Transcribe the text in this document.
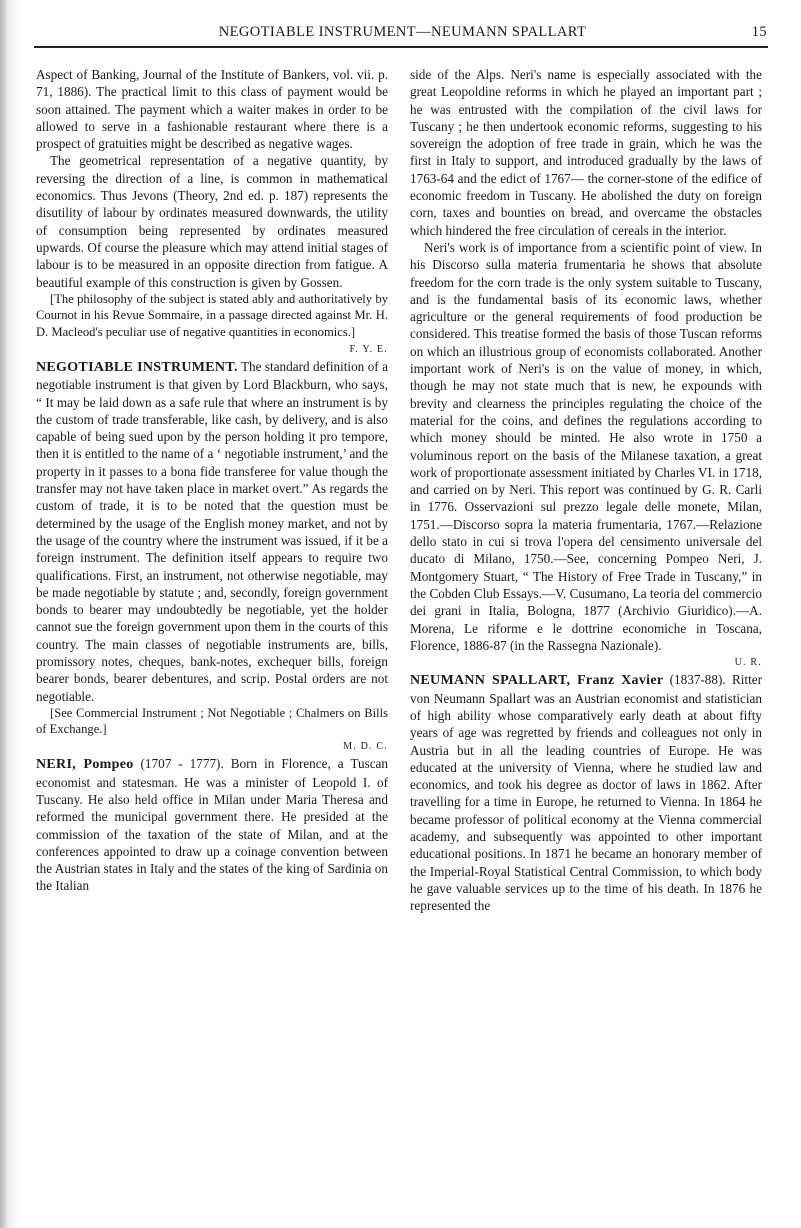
NEGOTIABLE INSTRUMENT—NEUMANN SPALLART	15

Aspect of Banking, Journal of the Institute of Bankers, vol. vii. p. 71, 1886). The practical limit to this class of payment would be soon attained. The payment which a waiter makes in order to be allowed to serve in a fashionable restaurant where there is a prospect of gratuities might be described as negative wages.

The geometrical representation of a negative quantity, by reversing the direction of a line, is common in mathematical economics. Thus Jevons (Theory, 2nd ed. p. 187) represents the disutility of labour by ordinates measured downwards, the utility of consumption being represented by ordinates measured upwards. Of course the pleasure which may attend initial stages of labour is to be measured in an opposite direction from fatigue. A beautiful example of this construction is given by Gossen.

[The philosophy of the subject is stated ably and authoritatively by Cournot in his Revue Sommaire, in a passage directed against Mr. H. D. Macleod's peculiar use of negative quantities in economics.]

F. Y. E.

NEGOTIABLE INSTRUMENT. The standard definition of a negotiable instrument is that given by Lord Blackburn, who says, “ It may be laid down as a safe rule that where an instrument is by the custom of trade transferable, like cash, by delivery, and is also capable of being sued upon by the person holding it pro tempore, then it is entitled to the name of a ‘ negotiable instrument,’ and the property in it passes to a bona fide transferee for value though the transfer may not have taken place in market overt.” As regards the custom of trade, it is to be noted that the question must be determined by the usage of the English money market, and not by the usage of the country where the instrument was issued, if it be a foreign instrument. The definition itself appears to require two qualifications. First, an instrument, not otherwise negotiable, may be made negotiable by statute ; and, secondly, foreign government bonds to bearer may undoubtedly be negotiable, yet the holder cannot sue the foreign government upon them in the courts of this country. The main classes of negotiable instruments are, bills, promissory notes, cheques, bank-notes, exchequer bills, foreign bearer bonds, bearer debentures, and scrip. Postal orders are not negotiable.

[See Commercial Instrument ; Not Negotiable ; Chalmers on Bills of Exchange.]

M. D. C.

NERI, Pompeo (1707 - 1777). Born in Florence, a Tuscan economist and statesman. He was a minister of Leopold I. of Tuscany. He also held office in Milan under Maria Theresa and reformed the municipal government there. He presided at the commission of the taxation of the state of Milan, and at the conferences appointed to draw up a coinage convention between the Austrian states in Italy and the states of the king of Sardinia on the Italian

side of the Alps. Neri's name is especially associated with the great Leopoldine reforms in which he played an important part ; he was entrusted with the compilation of the civil laws for Tuscany ; he then undertook economic reforms, suggesting to his sovereign the adoption of free trade in grain, which he was the first in Italy to support, and introduced gradually by the laws of 1763-64 and the edict of 1767— the corner-stone of the edifice of economic freedom in Tuscany. He abolished the duty on foreign corn, taxes and bounties on bread, and overcame the obstacles which hindered the free circulation of cereals in the interior.

Neri's work is of importance from a scientific point of view. In his Discorso sulla materia frumentaria he shows that absolute freedom for the corn trade is the only system suitable to Tuscany, and is the fundamental basis of its economic laws, whether agriculture or the general requirements of food production be considered. This treatise formed the basis of those Tuscan reforms on which an illustrious group of economists collaborated. Another important work of Neri's is on the value of money, in which, though he may not state much that is new, he expounds with brevity and clearness the principles regulating the choice of the material for the coins, and defines the regulations according to which money should be minted. He also wrote in 1750 a voluminous report on the basis of the Milanese taxation, a great work of proportionate assessment initiated by Charles VI. in 1718, and carried on by Neri. This report was continued by G. R. Carli in 1776. Osservazioni sul prezzo legale delle monete, Milan, 1751.—Discorso sopra la materia frumentaria, 1767.—Relazione dello stato in cui si trova l'opera del censimento universale del ducato di Milano, 1750.—See, concerning Pompeo Neri, J. Montgomery Stuart, “ The History of Free Trade in Tuscany,” in the Cobden Club Essays.—V. Cusumano, La teoria del commercio dei grani in Italia, Bologna, 1877 (Archivio Giuridico).—A. Morena, Le riforme e le dottrine economiche in Toscana, Florence, 1886-87 (in the Rassegna Nazionale).

U. R.

NEUMANN SPALLART, Franz Xavier (1837-88). Ritter von Neumann Spallart was an Austrian economist and statistician of high ability whose comparatively early death at about fifty years of age was regretted by friends and colleagues not only in Austria but in all the leading countries of Europe. He was educated at the university of Vienna, where he studied law and economics, and took his degree as doctor of laws in 1862. After travelling for a time in Europe, he returned to Vienna. In 1864 he became professor of political economy at the Vienna commercial academy, and subsequently was appointed to other important educational positions. In 1871 he became an honorary member of the Imperial-Royal Statistical Central Commission, to which body he gave valuable services up to the time of his death. In 1876 he represented the
